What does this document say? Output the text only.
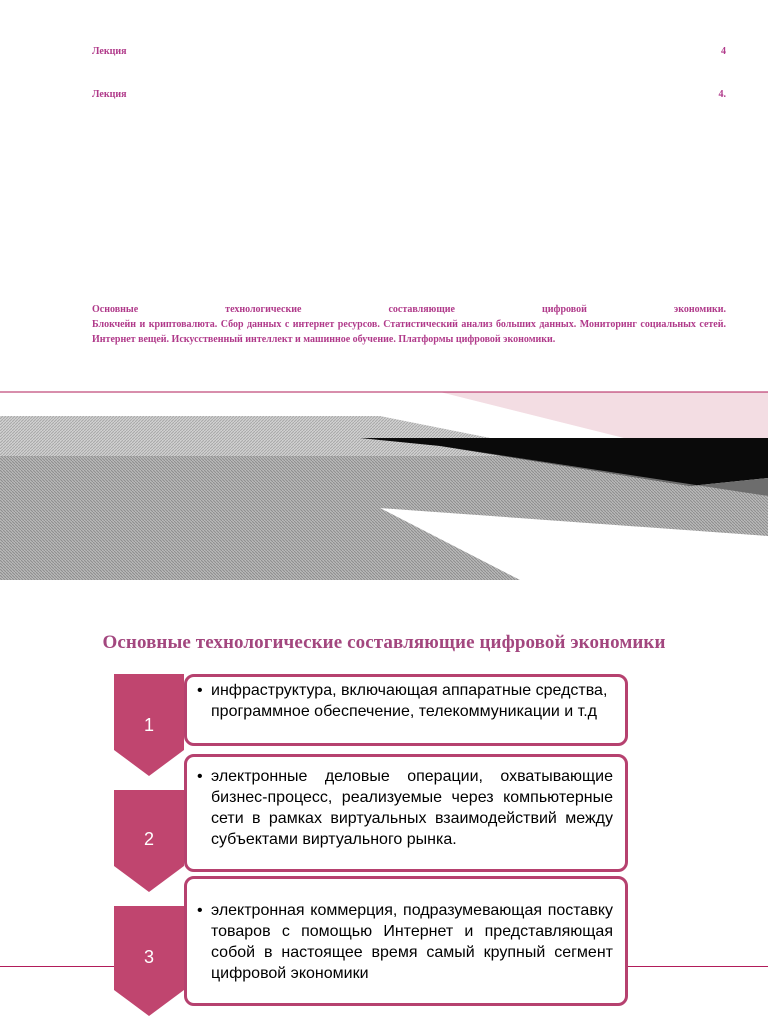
Лекция	4
Лекция	4.
Основные технологические составляющие цифровой экономики.
Блокчейн и криптовалюта. Сбор данных с интернет ресурсов. Статистический анализ больших данных. Мониторинг социальных сетей. Интернет вещей. Искусственный интеллект и машинное обучение. Платформы цифровой экономики.
Основные технологические составляющие цифровой экономики
1
2
3
• инфраструктура, включающая аппаратные средства, программное обеспечение, телекоммуникации и т.д
• электронные деловые операции, охватывающие бизнес-процесс, реализуемые через компьютерные сети в рамках виртуальных взаимодействий между субъектами виртуального рынка.
• электронная коммерция, подразумевающая поставку товаров с помощью Интернет и представляющая собой в настоящее время самый крупный сегмент цифровой экономики
